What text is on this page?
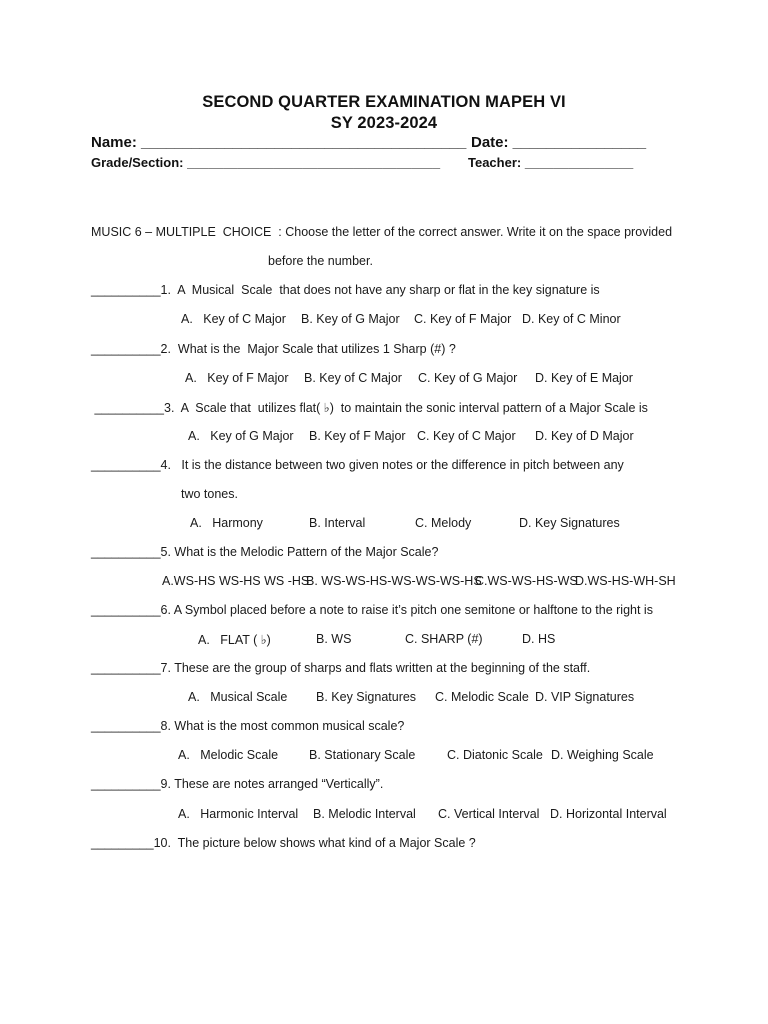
SECOND QUARTER EXAMINATION MAPEH VI
SY 2023-2024
Name: _______________________________________ Date: ________________
Grade/Section: ___________________________________ Teacher: _______________
MUSIC 6 – MULTIPLE  CHOICE  : Choose the letter of the correct answer. Write it on the space provided
before the number.
__________1.  A  Musical  Scale  that does not have any sharp or flat in the key signature is
A.   Key of C Major B. Key of G Major C. Key of F Major D. Key of C Minor
__________2.  What is the  Major Scale that utilizes 1 Sharp (#) ?
A.   Key of F Major B. Key of C Major C. Key of G Major D. Key of E Major
__________3.  A  Scale that  utilizes flat( ♭)  to maintain the sonic interval pattern of a Major Scale is
A.   Key of G Major B. Key of F Major C. Key of C Major D. Key of D Major
__________4.   It is the distance between two given notes or the difference in pitch between any
two tones.
A.   Harmony	B. Interval	C. Melody	D. Key Signatures
__________5. What is the Melodic Pattern of the Major Scale?
A.WS-HS WS-HS WS -HS
B. WS-WS-HS-WS-WS-WS-HS
C.WS-WS-HS-WS
D.WS-HS-WH-SH
__________6. A Symbol placed before a note to raise it’s pitch one semitone or halftone to the right is
A.   FLAT ( ♭)	B. WS	C. SHARP (#)	D. HS
__________7. These are the group of sharps and flats written at the beginning of the staff.
A.   Musical Scale B. Key Signatures C. Melodic Scale D. VIP Signatures
__________8. What is the most common musical scale?
A.   Melodic Scale B. Stationary Scale	C. Diatonic Scale D. Weighing Scale
__________9. These are notes arranged “Vertically”.
A.   Harmonic Interval B. Melodic Interval C. Vertical Interval D. Horizontal Interval
_________10.  The picture below shows what kind of a Major Scale ?
